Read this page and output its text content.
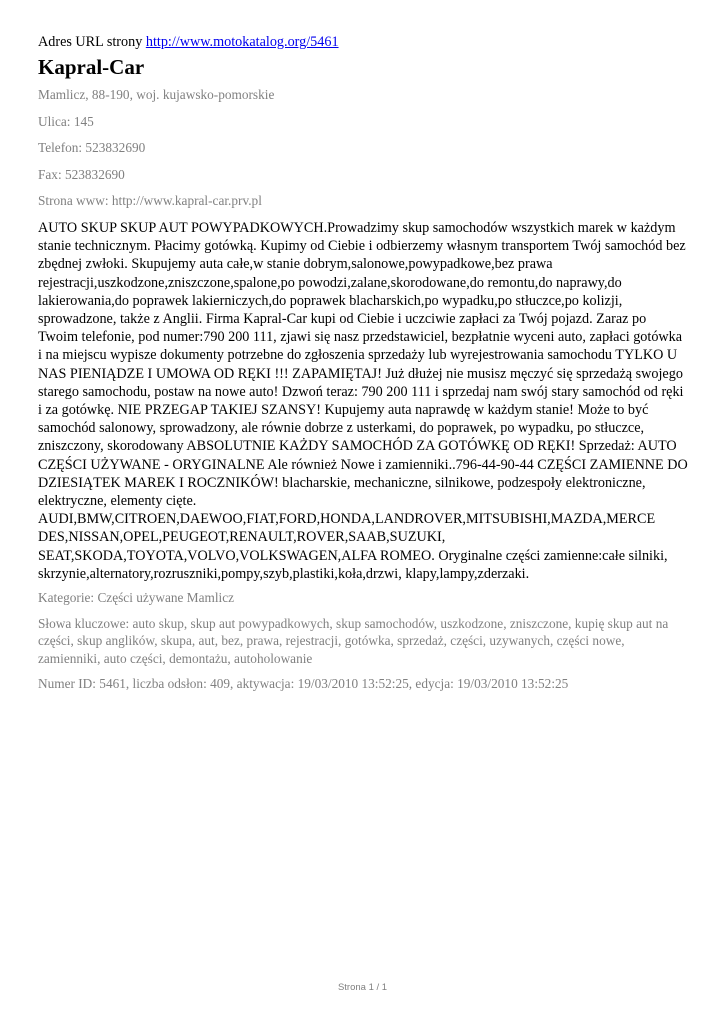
Adres URL strony http://www.motokatalog.org/5461

Kapral-Car

Mamlicz, 88-190, woj. kujawsko-pomorskie

Ulica: 145

Telefon: 523832690

Fax: 523832690

Strona www: http://www.kapral-car.prv.pl

AUTO SKUP SKUP AUT POWYPADKOWYCH.Prowadzimy skup samochodów wszystkich marek w każdym stanie technicznym. Płacimy gotówką. Kupimy od Ciebie i odbierzemy własnym transportem Twój samochód bez zbędnej zwłoki. Skupujemy auta całe,w stanie dobrym,salonowe,powypadkowe,bez prawa rejestracji,uszkodzone,zniszczone,spalone,po powodzi,zalane,skorodowane,do remontu,do naprawy,do lakierowania,do poprawek lakierniczych,do poprawek blacharskich,po wypadku,po stłuczce,po kolizji, sprowadzone, także z Anglii. Firma Kapral-Car kupi od Ciebie i uczciwie zapłaci za Twój pojazd. Zaraz po Twoim telefonie, pod numer:790 200 111, zjawi się nasz przedstawiciel, bezpłatnie wyceni auto, zapłaci gotówka i na miejscu wypisze dokumenty potrzebne do zgłoszenia sprzedaży lub wyrejestrowania samochodu TYLKO U NAS PIENIĄDZE I UMOWA OD RĘKI !!! ZAPAMIĘTAJ! Już dłużej nie musisz męczyć się sprzedażą swojego starego samochodu, postaw na nowe auto! Dzwoń teraz: 790 200 111 i sprzedaj nam swój stary samochód od ręki i za gotówkę. NIE PRZEGAP TAKIEJ SZANSY! Kupujemy auta naprawdę w każdym stanie! Może to być samochód salonowy, sprowadzony, ale równie dobrze z usterkami, do poprawek, po wypadku, po stłuczce, zniszczony, skorodowany ABSOLUTNIE KAŻDY SAMOCHÓD ZA GOTÓWKĘ OD RĘKI! Sprzedaż: AUTO CZĘŚCI UŻYWANE - ORYGINALNE Ale również Nowe i zamienniki..796-44-90-44 CZĘŚCI ZAMIENNE DO DZIESIĄTEK MAREK I ROCZNIKÓW! blacharskie, mechaniczne, silnikowe, podzespoły elektroniczne, elektryczne, elementy cięte. AUDI,BMW,CITROEN,DAEWOO,FIAT,FORD,HONDA,LANDROVER,MITSUBISHI,MAZDA,MERCE DES,NISSAN,OPEL,PEUGEOT,RENAULT,ROVER,SAAB,SUZUKI, SEAT,SKODA,TOYOTA,VOLVO,VOLKSWAGEN,ALFA ROMEO. Oryginalne części zamienne:całe silniki, skrzynie,alternatory,rozruszniki,pompy,szyb,plastiki,koła,drzwi, klapy,lampy,zderzaki.

Kategorie: Części używane Mamlicz

Słowa kluczowe: auto skup, skup aut powypadkowych, skup samochodów, uszkodzone, zniszczone, kupię skup aut na części, skup anglików, skupa, aut, bez, prawa, rejestracji, gotówka, sprzedaż, części, uzywanych, części nowe, zamienniki, auto części, demontażu, autoholowanie

Numer ID: 5461, liczba odsłon: 409, aktywacja: 19/03/2010 13:52:25, edycja: 19/03/2010 13:52:25

Strona 1 / 1
